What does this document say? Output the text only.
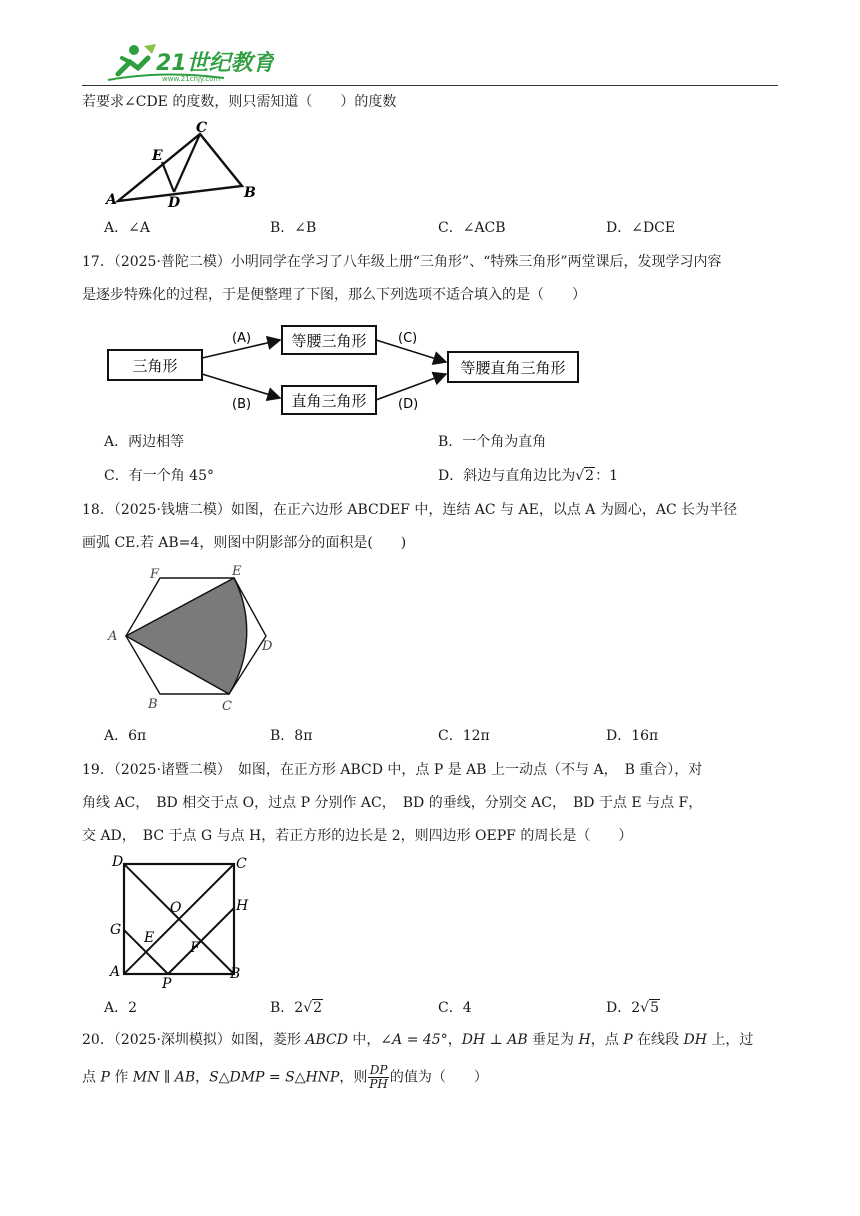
21世纪教育
www.21cnjy.com
若要求∠CDE 的度数，则只需知道（　　）的度数
C
E
A	D
B
A．∠A	B．∠B	C．∠ACB	D．∠DCE
17．（2025·普陀二模）小明同学在学习了八年级上册“三角形”、“特殊三角形”两堂课后，发现学习内容
是逐步特殊化的过程，于是便整理了下图，那么下列选项不适合填入的是（　　）
三角形
等腰三角形
直角三角形
等腰直角三角形
(A)
(B)
(C)
(D)
A．两边相等	B．一个角为直角
C．有一个角 45°	D．斜边与直角边比为√2：1
18．（2025·钱塘二模）如图，在正六边形 ABCDEF 中，连结 AC 与 AE，以点 A 为圆心，AC 长为半径
画弧 CE.若 AB=4，则图中阴影部分的面积是(　　)
F	E
A
D
B	C
A．6π	B．8π	C．12π	D．16π
19．（2025·诸暨二模）　如图，在正方形 ABCD 中，点 P 是 AB 上一动点（不与 A，　B 重合），对
角线 AC，　BD 相交于点 O，过点 P 分别作 AC，　BD 的垂线，分别交 AC，　BD 于点 E 与点 F，
交 AD，　BC 于点 G 与点 H，若正方形的边长是 2，则四边形 OEPF 的周长是（　　）
D	C
O	H
G E
F
A
P
B
A．2	B．2√2	C．4	D．2√5
20．（2025·深圳模拟）如图，菱形 ABCD 中，∠A = 45°，DH ⊥ AB 垂足为 H，点 P 在线段 DH 上，过
点 P 作 MN ∥ AB，S△DMP = S△HNP，则 $\frac{DP}{PH}$ 的值为（　　）
